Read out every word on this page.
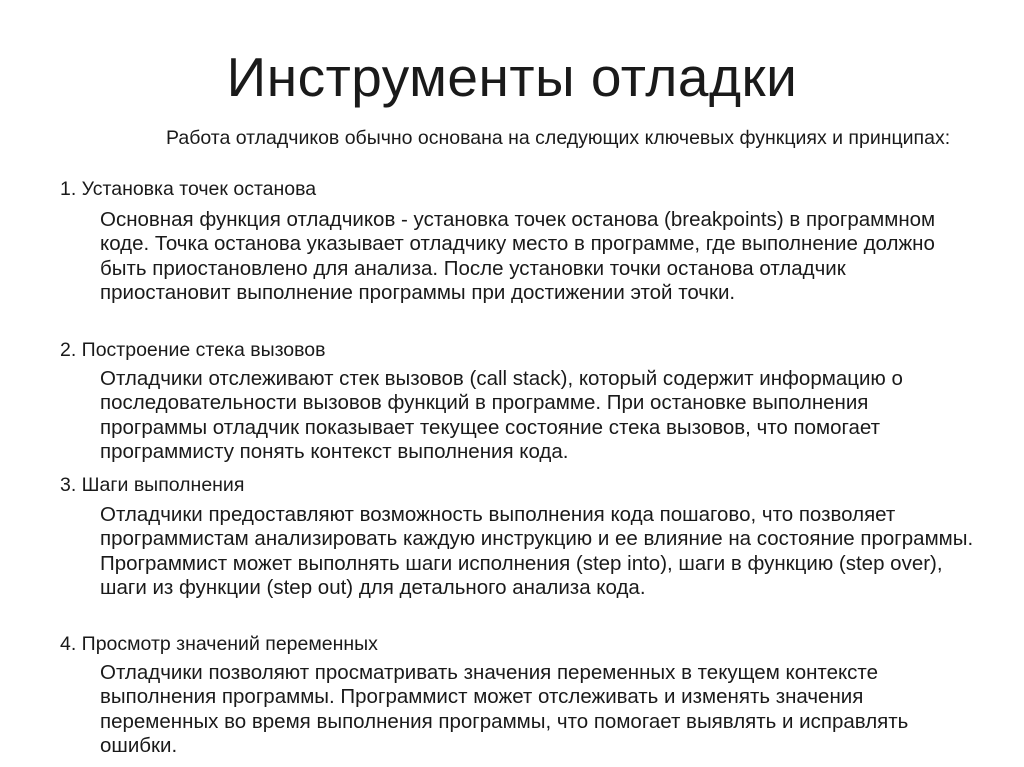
Инструменты отладки

Работа отладчиков обычно основана на следующих ключевых функциях и принципах:

1. Установка точек останова

Основная функция отладчиков - установка точек останова (breakpoints) в программном коде. Точка останова указывает отладчику место в программе, где выполнение должно быть приостановлено для анализа. После установки точки останова отладчик приостановит выполнение программы при достижении этой точки.

2. Построение стека вызовов

Отладчики отслеживают стек вызовов (call stack), который содержит информацию о последовательности вызовов функций в программе. При остановке выполнения программы отладчик показывает текущее состояние стека вызовов, что помогает программисту понять контекст выполнения кода.

3. Шаги выполнения

Отладчики предоставляют возможность выполнения кода пошагово, что позволяет программистам анализировать каждую инструкцию и ее влияние на состояние программы. Программист может выполнять шаги исполнения (step into), шаги в функцию (step over), шаги из функции (step out) для детального анализа кода.

4. Просмотр значений переменных

Отладчики позволяют просматривать значения переменных в текущем контексте выполнения программы. Программист может отслеживать и изменять значения переменных во время выполнения программы, что помогает выявлять и исправлять ошибки.
